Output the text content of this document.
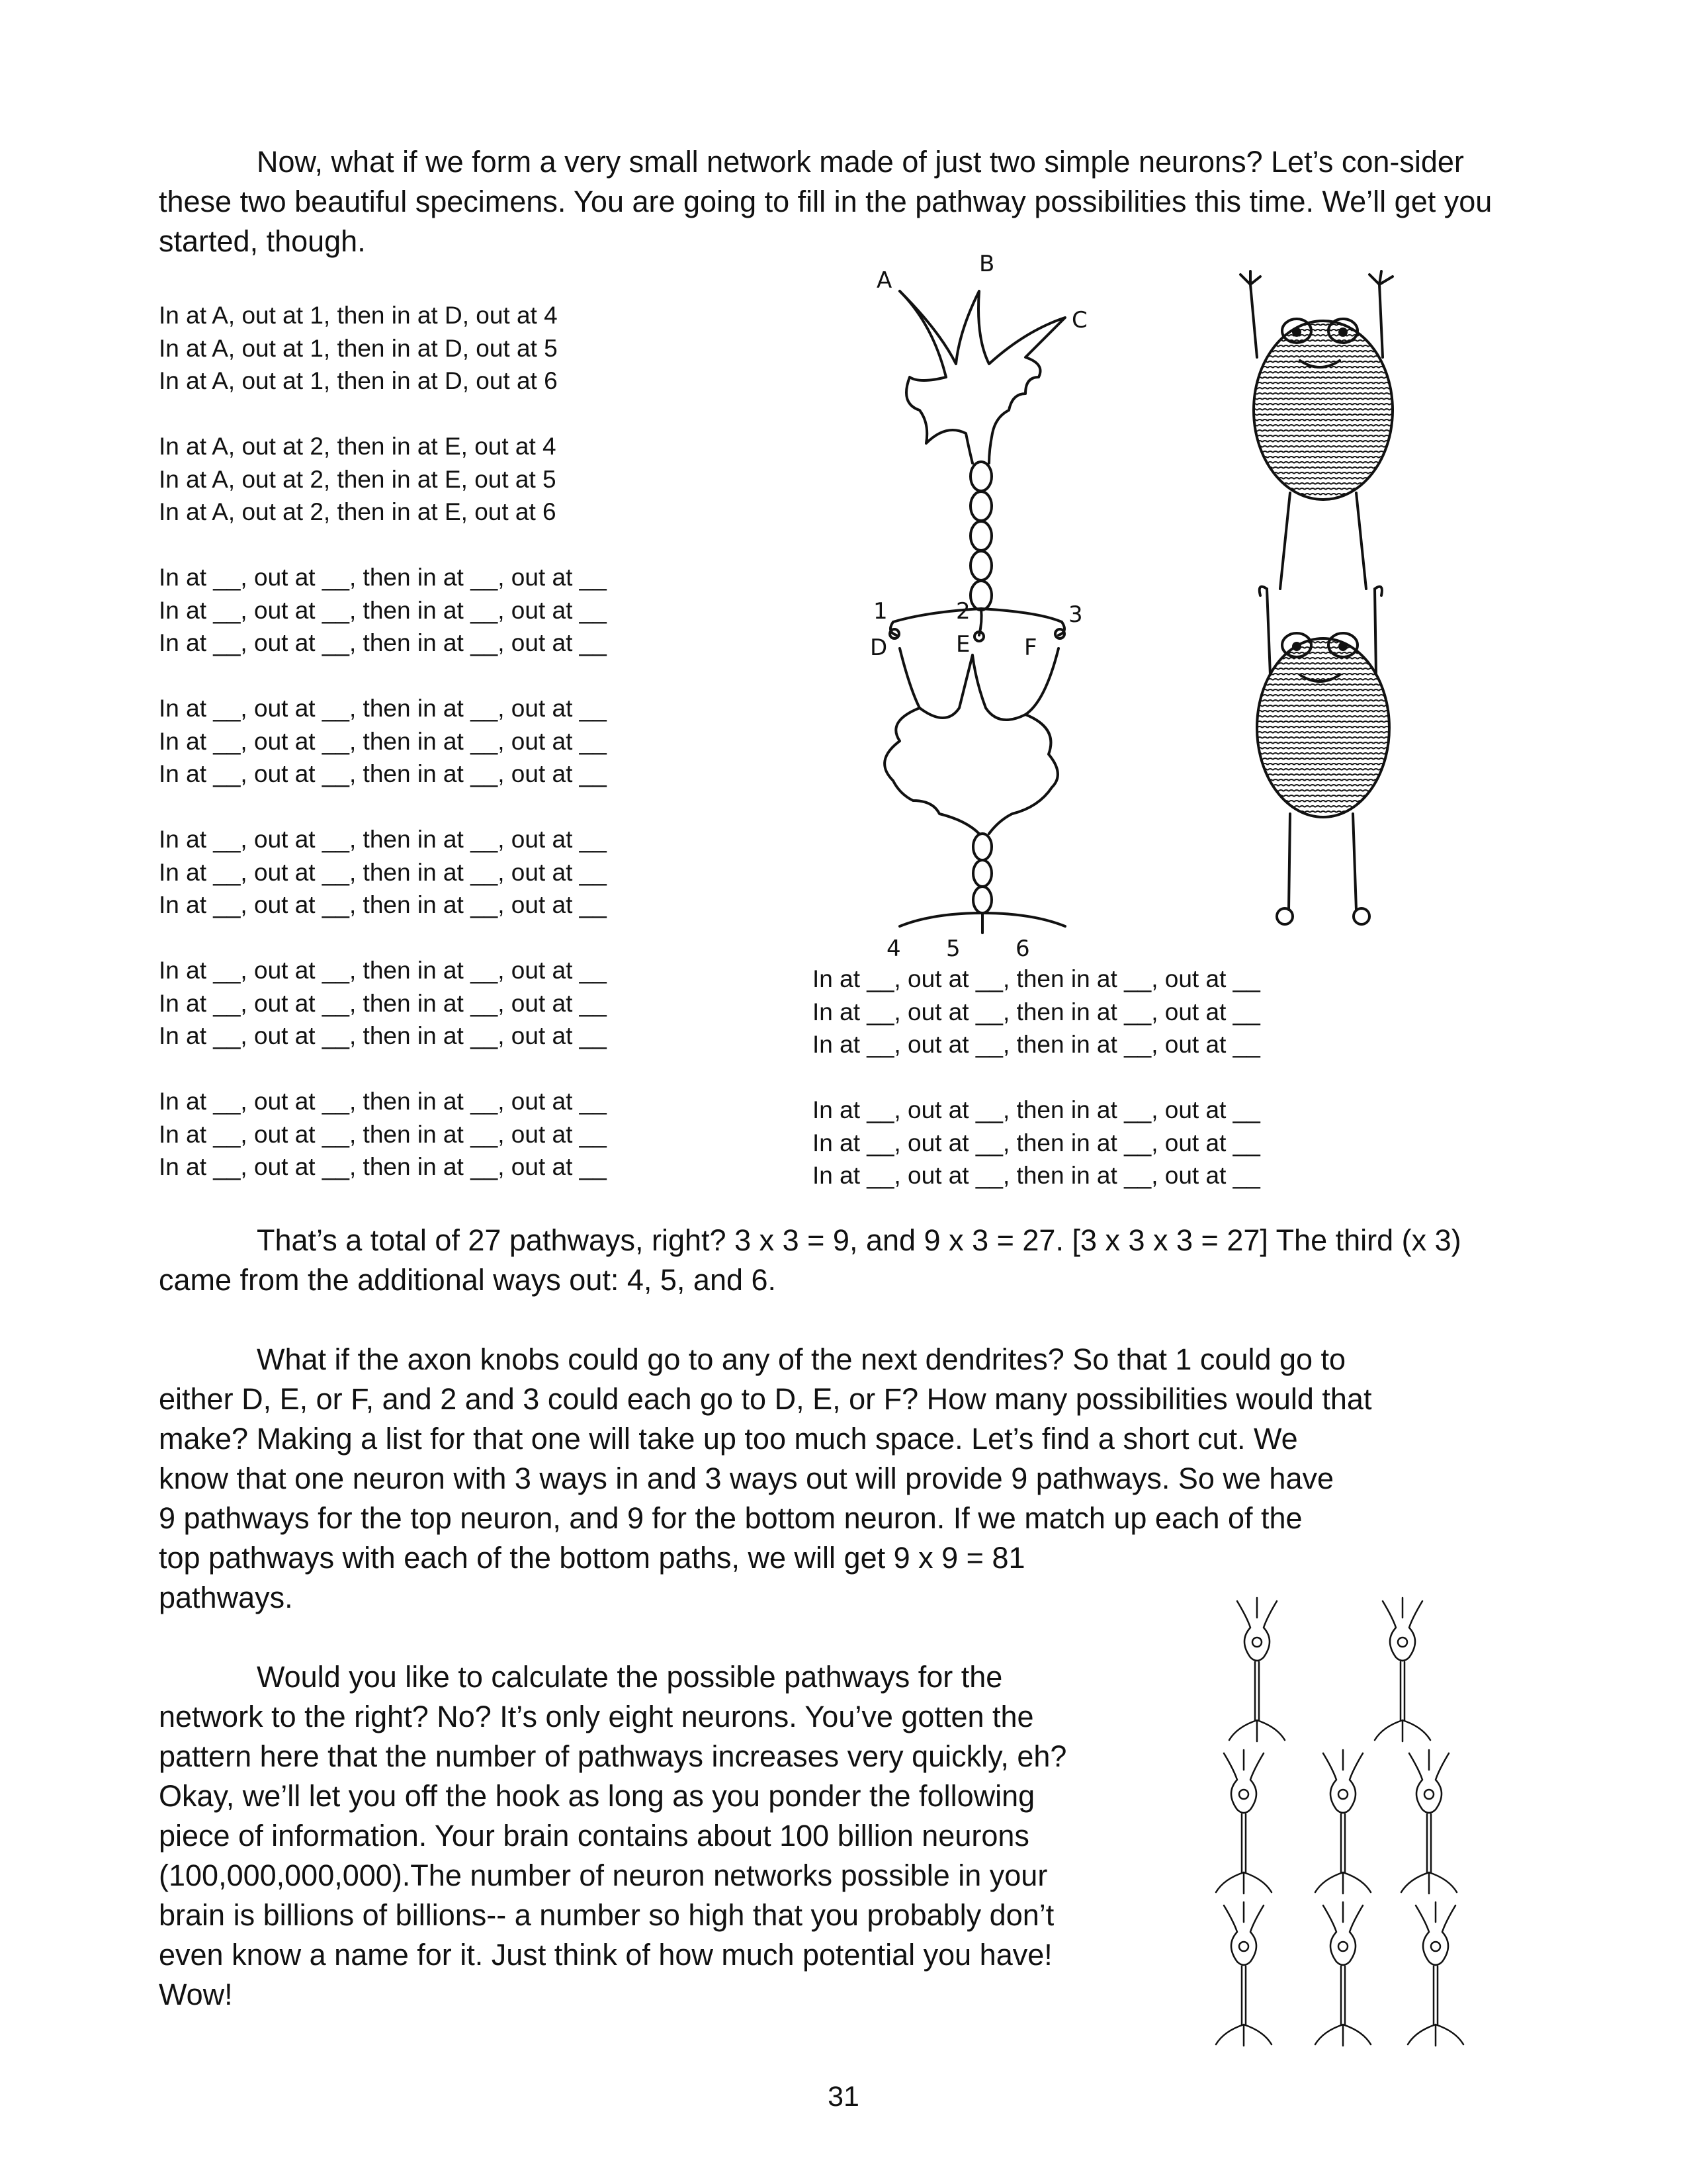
Now, what if we form a very small network made of just two simple neurons? Let’s con-sider these two beautiful specimens. You are going to fill in the pathway possibilities this time. We’ll get you started, though.

In at A, out at 1, then in at D, out at 4
In at A, out at 1, then in at D, out at 5
In at A, out at 1, then in at D, out at 6
In at A, out at 2, then in at E, out at 4
In at A, out at 2, then in at E, out at 5
In at A, out at 2, then in at E, out at 6
In at __, out at __, then in at __, out at __
In at __, out at __, then in at __, out at __
In at __, out at __, then in at __, out at __
In at __, out at __, then in at __, out at __
In at __, out at __, then in at __, out at __
In at __, out at __, then in at __, out at __
In at __, out at __, then in at __, out at __
In at __, out at __, then in at __, out at __
In at __, out at __, then in at __, out at __
In at __, out at __, then in at __, out at __
In at __, out at __, then in at __, out at __
In at __, out at __, then in at __, out at __
In at __, out at __, then in at __, out at __
In at __, out at __, then in at __, out at __
In at __, out at __, then in at __, out at __
In at __, out at __, then in at __, out at __
In at __, out at __, then in at __, out at __
In at __, out at __, then in at __, out at __
In at __, out at __, then in at __, out at __
In at __, out at __, then in at __, out at __
In at __, out at __, then in at __, out at __
A
B
C
1	2	3
D	E F
4 5 6

That’s a total of 27 pathways, right? 3 x 3 = 9, and 9 x 3 = 27. [3 x 3 x 3 = 27] The third (x 3) came from the additional ways out: 4, 5, and 6.

What if the axon knobs could go to any of the next dendrites? So that 1 could go to

either D, E, or F, and 2 and 3 could each go to D, E, or F? How many possibilities would that

make? Making a list for that one will take up too much space. Let’s find a short cut. We

know that one neuron with 3 ways in and 3 ways out will provide 9 pathways. So we have

9 pathways for the top neuron, and 9 for the bottom neuron. If we match up each of the

top pathways with each of the bottom paths, we will get 9 x 9 = 81

pathways.

Would you like to calculate the possible pathways for the

network to the right? No? It’s only eight neurons. You’ve gotten the

pattern here that the number of pathways increases very quickly, eh?

Okay, we’ll let you off the hook as long as you ponder the following

piece of information. Your brain contains about 100 billion neurons

(100,000,000,000).The number of neuron networks possible in your

brain is billions of billions-- a number so high that you probably don’t

even know a name for it. Just think of how much potential you have!

Wow!

31
